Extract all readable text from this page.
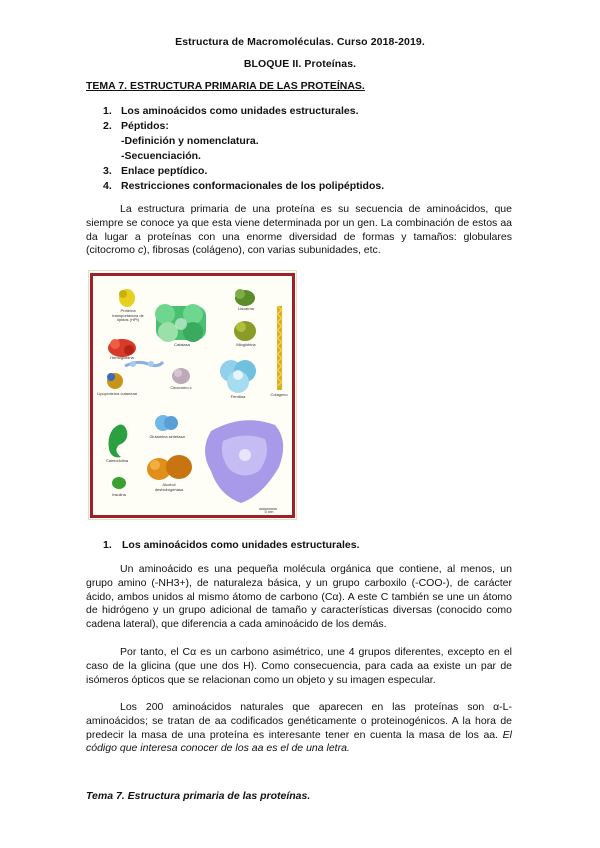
Estructura de Macromoléculas. Curso 2018-2019.
BLOQUE II. Proteínas.
TEMA 7. ESTRUCTURA PRIMARIA DE LAS PROTEÍNAS.
1. Los aminoácidos como unidades estructurales.
2. Péptidos:
-Definición y nomenclatura.
-Secuenciación.
3. Enlace peptídico.
4. Restricciones conformacionales de los polipéptidos.

La estructura primaria de una proteína es su secuencia de aminoácidos, que siempre se conoce ya que esta viene determinada por un gen. La combinación de estos aa da lugar a proteínas con una enorme diversidad de formas y tamaños: globulares (citocromo c), fibrosas (colágeno), con varias subunidades, etc.

Proteína transportadora de lípidos (HPt)
Catalasa
Lisozima
Mioglobina
Hemoglobina
Lipoproteína cutaneaa
Citocromo c
Ferritina	Colágeno
Calmodulina
Glutamina sintetasa
Alcohol deshidrogenasa
Insulina
5 nm
1. Los aminoácidos como unidades estructurales.

Un aminoácido es una pequeña molécula orgánica que contiene, al menos, un grupo amino (-NH3+), de naturaleza básica, y un grupo carboxilo (-COO-), de carácter ácido, ambos unidos al mismo átomo de carbono (Cα). A este C también se une un átomo de hidrógeno y un grupo adicional de tamaño y características diversas (conocido como cadena lateral), que diferencia a cada aminoácido de los demás.

Por tanto, el Cα es un carbono asimétrico, une 4 grupos diferentes, excepto en el caso de la glicina (que une dos H). Como consecuencia, para cada aa existe un par de isómeros ópticos que se relacionan como un objeto y su imagen especular.

Los 200 aminoácidos naturales que aparecen en las proteínas son α-L-aminoácidos; se tratan de aa codificados genéticamente o proteinogénicos. A la hora de predecir la masa de una proteína es interesante tener en cuenta la masa de los aa. El código que interesa conocer de los aa es el de una letra.

Tema 7. Estructura primaria de las proteínas.
